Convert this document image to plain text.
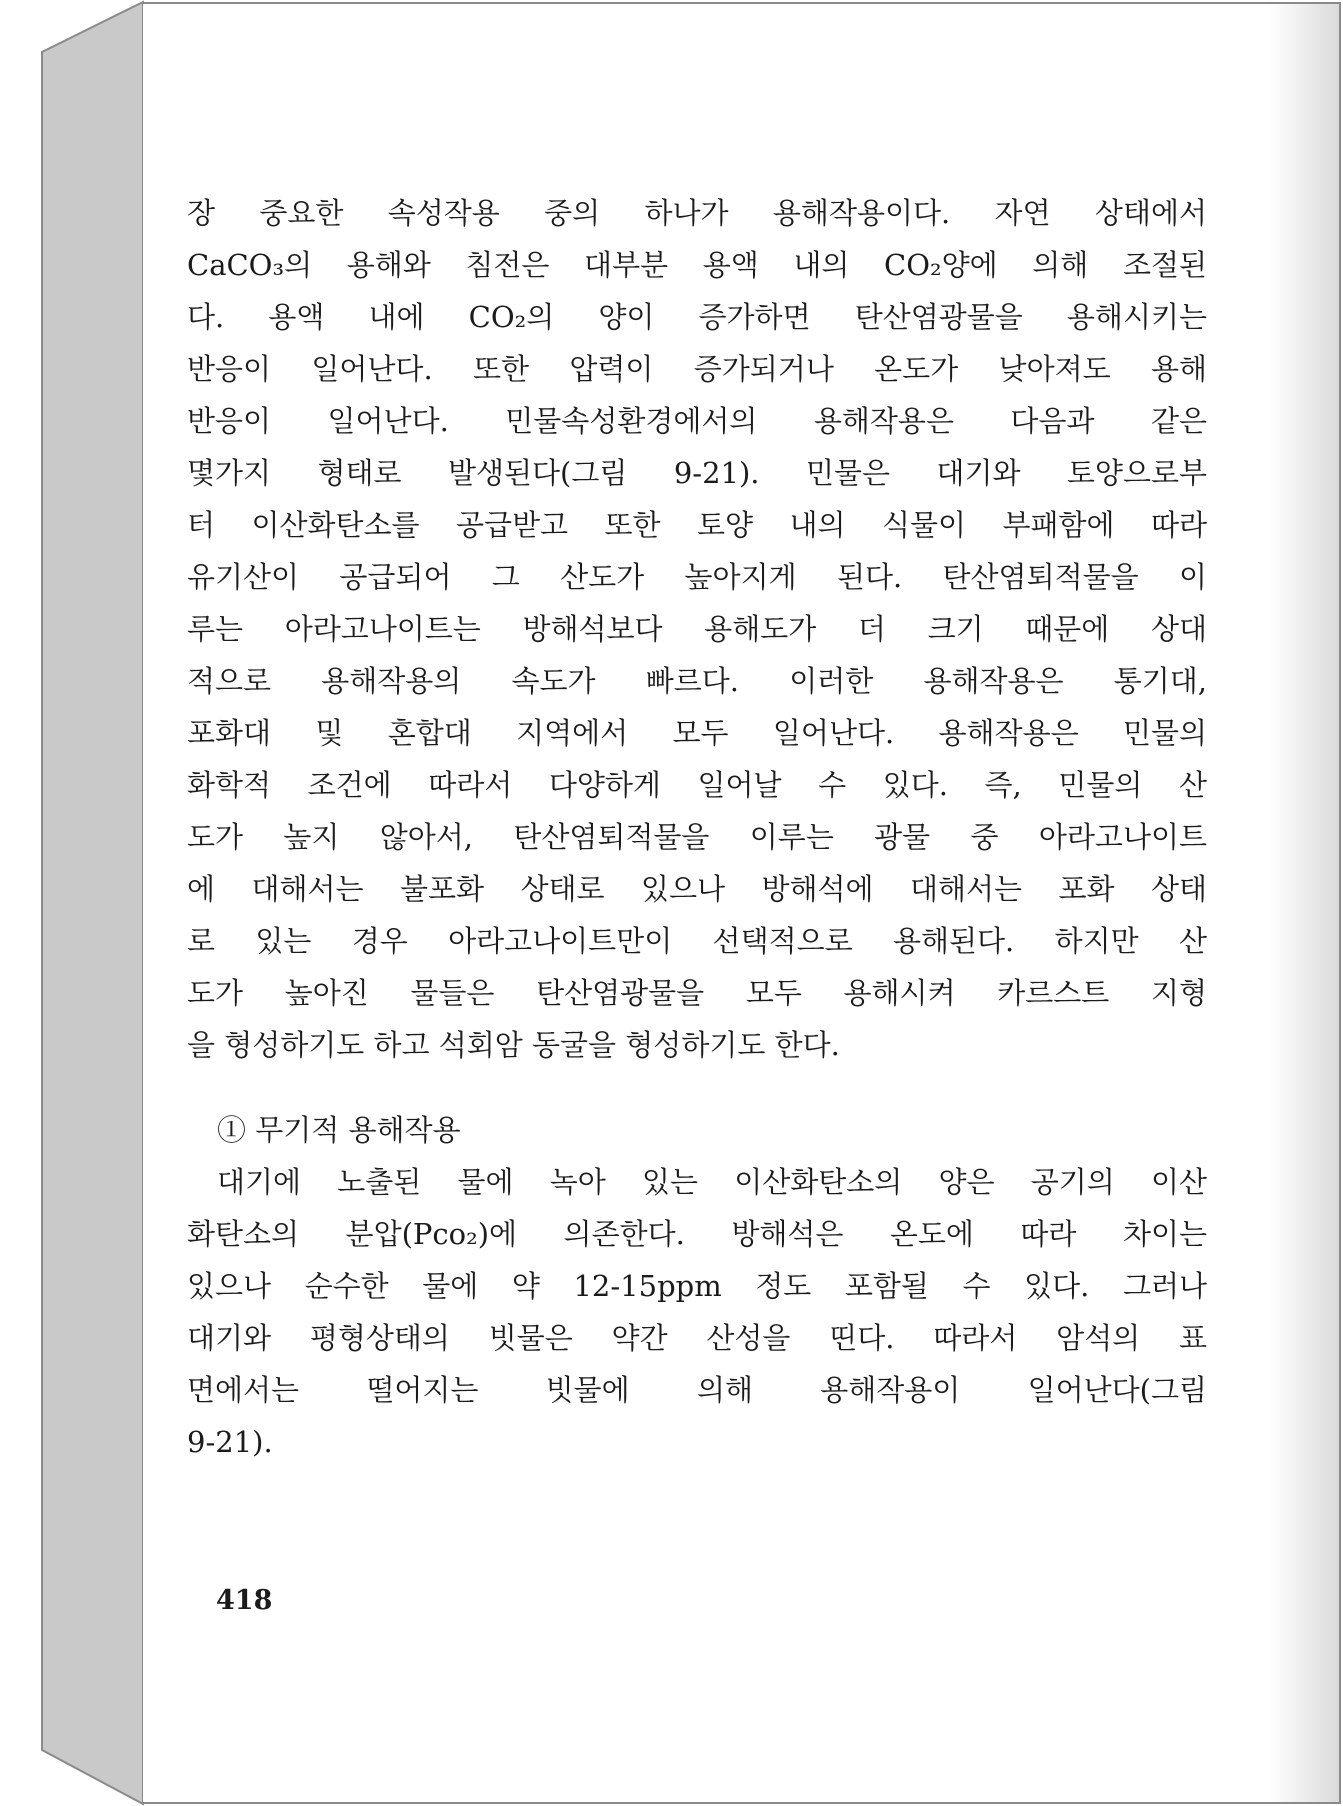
장 중요한 속성작용 중의 하나가 용해작용이다. 자연 상태에서
CaCO₃의 용해와 침전은 대부분 용액 내의 CO₂양에 의해 조절된
다. 용액 내에 CO₂의 양이 증가하면 탄산염광물을 용해시키는
반응이 일어난다. 또한 압력이 증가되거나 온도가 낮아져도 용해
반응이 일어난다. 민물속성환경에서의 용해작용은 다음과 같은
몇가지 형태로 발생된다(그림 9-21). 민물은 대기와 토양으로부
터 이산화탄소를 공급받고 또한 토양 내의 식물이 부패함에 따라
유기산이 공급되어 그 산도가 높아지게 된다. 탄산염퇴적물을 이
루는 아라고나이트는 방해석보다 용해도가 더 크기 때문에 상대
적으로 용해작용의 속도가 빠르다. 이러한 용해작용은 통기대,
포화대 및 혼합대 지역에서 모두 일어난다. 용해작용은 민물의
화학적 조건에 따라서 다양하게 일어날 수 있다. 즉, 민물의 산
도가 높지 않아서, 탄산염퇴적물을 이루는 광물 중 아라고나이트
에 대해서는 불포화 상태로 있으나 방해석에 대해서는 포화 상태
로 있는 경우 아라고나이트만이 선택적으로 용해된다. 하지만 산
도가 높아진 물들은 탄산염광물을 모두 용해시켜 카르스트 지형
을 형성하기도 하고 석회암 동굴을 형성하기도 한다.
① 무기적 용해작용
대기에 노출된 물에 녹아 있는 이산화탄소의 양은 공기의 이산
화탄소의 분압(Pco₂)에 의존한다. 방해석은 온도에 따라 차이는
있으나 순수한 물에 약 12-15ppm 정도 포함될 수 있다. 그러나
대기와 평형상태의 빗물은 약간 산성을 띤다. 따라서 암석의 표
면에서는 떨어지는 빗물에 의해 용해작용이 일어난다(그림
9-21).
418
